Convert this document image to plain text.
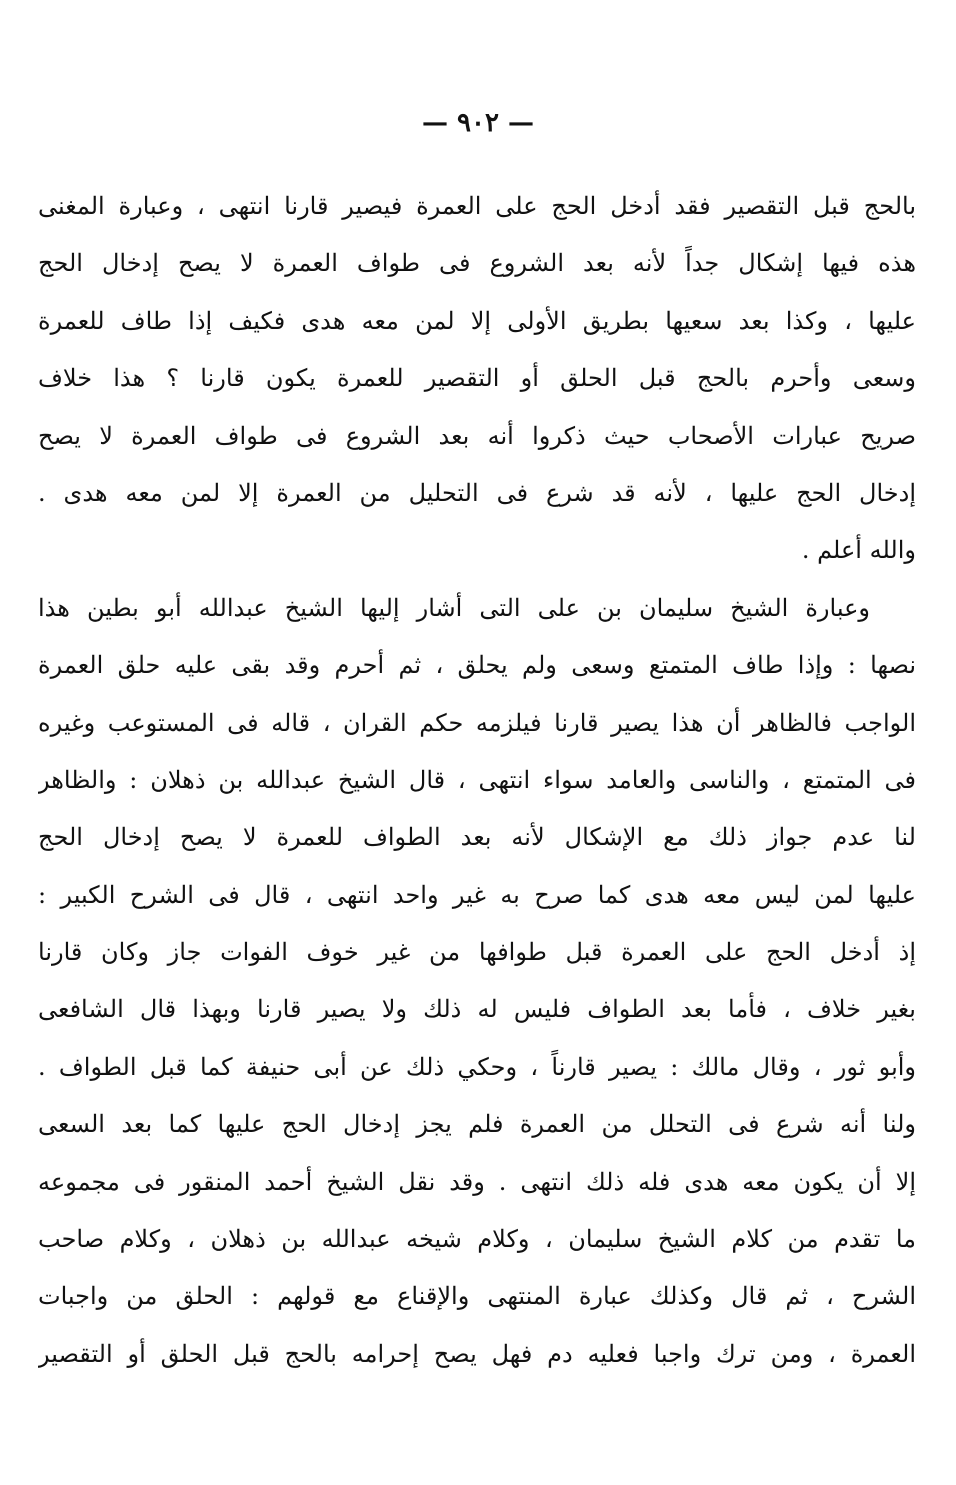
— ٩٠٢ —
بالحج قبل التقصير فقد أدخل الحج على العمرة فيصير قارنا انتهى ، وعبارة المغنى
هذه فيها إشكال جداً لأنه بعد الشروع فى طواف العمرة لا يصح إدخال الحج
عليها ، وكذا بعد سعيها بطريق الأولى إلا لمن معه هدى فكيف إذا طاف للعمرة
وسعى وأحرم بالحج قبل الحلق أو التقصير للعمرة يكون قارنا ؟ هذا خلاف
صريح عبارات الأصحاب حيث ذكروا أنه بعد الشروع فى طواف العمرة لا يصح
إدخال الحج عليها ، لأنه قد شرع فى التحليل من العمرة إلا لمن معه هدى .
والله أعلم .
وعبارة الشيخ سليمان بن على التى أشار إليها الشيخ عبدالله أبو بطين هذا
نصها : وإذا طاف المتمتع وسعى ولم يحلق ، ثم أحرم وقد بقى عليه حلق العمرة
الواجب فالظاهر أن هذا يصير قارنا فيلزمه حكم القران ، قاله فى المستوعب وغيره
فى المتمتع ، والناسى والعامد سواء انتهى ، قال الشيخ عبدالله بن ذهلان : والظاهر
لنا عدم جواز ذلك مع الإشكال لأنه بعد الطواف للعمرة لا يصح إدخال الحج
عليها لمن ليس معه هدى كما صرح به غير واحد انتهى ، قال فى الشرح الكبير :
إذ أدخل الحج على العمرة قبل طوافها من غير خوف الفوات جاز وكان قارنا
بغير خلاف ، فأما بعد الطواف فليس له ذلك ولا يصير قارنا وبهذا قال الشافعى
وأبو ثور ، وقال مالك : يصير قارناً ، وحكي ذلك عن أبى حنيفة كما قبل الطواف .
ولنا أنه شرع فى التحلل من العمرة فلم يجز إدخال الحج عليها كما بعد السعى
إلا أن يكون معه هدى فله ذلك انتهى . وقد نقل الشيخ أحمد المنقور فى مجموعه
ما تقدم من كلام الشيخ سليمان ، وكلام شيخه عبدالله بن ذهلان ، وكلام صاحب
الشرح ، ثم قال وكذلك عبارة المنتهى والإقناع مع قولهم : الحلق من واجبات
العمرة ، ومن ترك واجبا فعليه دم فهل يصح إحرامه بالحج قبل الحلق أو التقصير
